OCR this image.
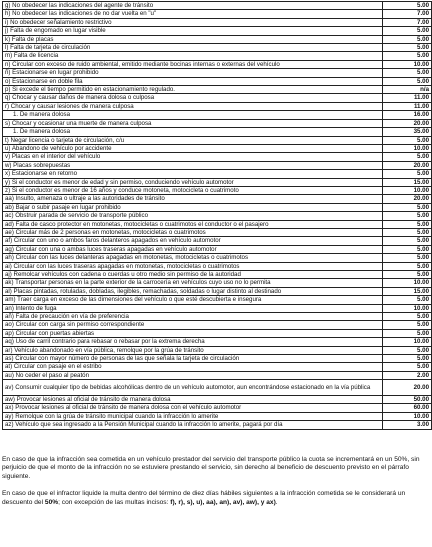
g) No obedecer las indicaciones del agente de tránsito	5.00
h) No obedecer las indicaciones de no dar vuelta en "u"	7.00
i) No obedecer señalamiento restrictivo	7.00
j) Falta de engomado en lugar visible	5.00
k) Falta de placas	5.00
l) Falta de tarjeta de circulación	5.00
m) Falta de licencia	5.00
n) Circular con exceso de ruido ambiental, emitido mediante bocinas internas o externas del vehículo	10.00
ñ) Estacionarse en lugar prohibido	5.00
o) Estacionarse en doble fila	5.00
p) Si excede el tiempo permitido en estacionamiento regulado.	n/a
q) Chocar y causar daños de manera dolosa o culposa	11.00
r) Chocar y causar lesiones de manera culposa	11.00
1. De manera dolosa	16.00
s) Chocar y ocasionar una muerte de manera culposa	20.00
1. De manera dolosa	35.00
t) Negar licencia o tarjeta de circulación, c/u	5.00
u) Abandono de vehículo por accidente	10.00
v) Placas en el interior del vehículo	5.00
w) Placas sobrepuestas	20.00
x) Estacionarse en retorno	5.00
y) Si el conductor es menor de edad y sin permiso, conduciendo vehículo automotor	15.00
z) Si el conductor es menor de 16 años y conduce motoneta, motocicleta o cuatrimoto	10.00
aa) Insulto, amenaza o ultraje a las autoridades de tránsito	20.00
ab) Bajar o subir pasaje en lugar prohibido	5.00
ac) Obstruir parada de servicio de transporte público	5.00
ad) Falta de casco protector en motonetas, motocicletas o cuatrimotos el conductor o el pasajero	5.00
ae) Circular más de 2 personas en motonetas, motocicletas o cuatrimotos	5.00
af) Circular con uno o ambos faros delanteros apagados en vehículo automotor	5.00
ag) Circular con una o ambas luces traseras apagadas en vehículo automotor	5.00
ah) Circular con las luces delanteras apagadas en motonetas, motocicletas o cuatrimotos	5.00
ai) Circular con las luces traseras apagadas en motonetas, motocicletas o cuatrimotos	5.00
aj) Remolcar vehículos con cadena o cuerdas u otro medio sin permiso de la autoridad	5.00
ak) Transportar personas en la parte exterior de la carrocería en vehículos cuyo uso no lo permita	10.00
al) Placas pintadas, rotuladas, dobladas, ilegibles, remachadas, soldadas o lugar distinto al destinado	15.00
am) Traer carga en exceso de las dimensiones del vehículo o que esté descubierta e insegura	5.00
an) Intento de fuga	10.00
añ) Falta de precaución en vía de preferencia	5.00
ao) Circular con carga sin permiso correspondiente	5.00
ap) Circular con puertas abiertas	5.00
aq) Uso de carril contrario para rebasar o rebasar por la extrema derecha	10.00
ar) Vehículo abandonado en vía pública, remolque por la grúa de tránsito	5.00
as) Circular con mayor número de personas de las que señala la tarjeta de circulación	5.00
at) Circular con pasaje en el estribo	5.00
au) No ceder el paso al peatón	2.00
av) Consumir cualquier tipo de bebidas alcohólicas dentro de un vehículo automotor, aun encontrándose estacionado en la vía pública	20.00
aw) Provocar lesiones al oficial de tránsito de manera dolosa	50.00
ax) Provocar lesiones al oficial de tránsito de manera dolosa con el vehículo automotor	60.00
ay) Remolque con la grúa de tránsito municipal cuando la infracción lo amerite	10.00
az) Vehículo que sea ingresado a la Pensión Municipal cuando la infracción lo amerite, pagará por día	3.00

En caso de que la infracción sea cometida en un vehículo prestador del servicio del transporte público la cuota se incrementará en un 50%, sin perjuicio de que el monto de la infracción no se estuviere prestando el servicio, sin derecho al beneficio de descuento previsto en el párrafo siguiente.

En caso de que el infractor liquide la multa dentro del término de diez días hábiles siguientes a la infracción cometida se le considerará un descuento del 50%; con excepción de las multas incisos: f), r), s), u), aa), an), av), aw), y ax).
